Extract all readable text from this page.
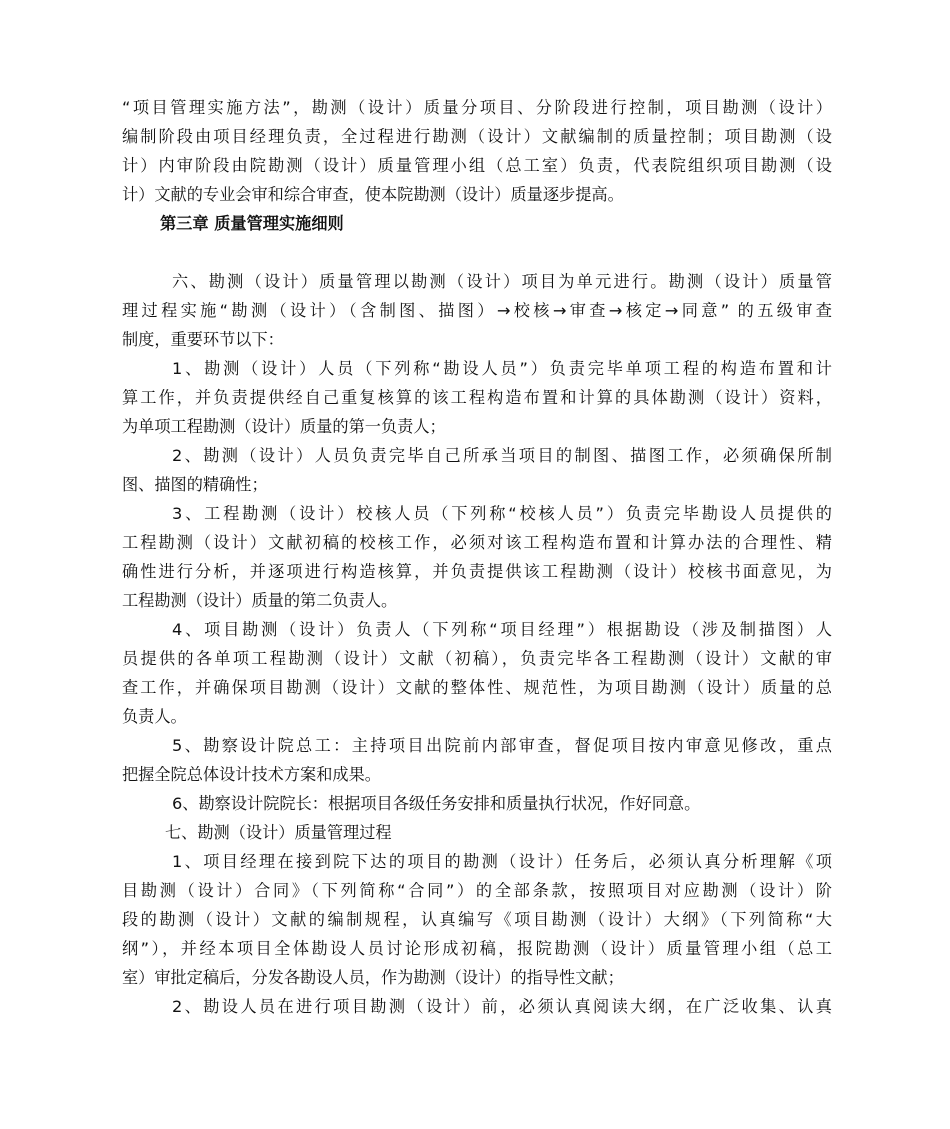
“项目管理实施方法”，勘测（设计）质量分项目、分阶段进行控制，项目勘测（设计）
编制阶段由项目经理负责，全过程进行勘测（设计）文献编制的质量控制；项目勘测（设
计）内审阶段由院勘测（设计）质量管理小组（总工室）负责，代表院组织项目勘测（设
计）文献的专业会审和综合审查，使本院勘测（设计）质量逐步提高。
第三章 质量管理实施细则
六、勘测（设计）质量管理以勘测（设计）项目为单元进行。勘测（设计）质量管
理过程实施“勘测（设计）（含制图、描图）→校核→审查→核定→同意” 的五级审查
制度，重要环节以下：
1、勘测（设计）人员（下列称“勘设人员”）负责完毕单项工程的构造布置和计
算工作，并负责提供经自己重复核算的该工程构造布置和计算的具体勘测（设计）资料，
为单项工程勘测（设计）质量的第一负责人；
2、勘测（设计）人员负责完毕自己所承当项目的制图、描图工作，必须确保所制
图、描图的精确性；
3、工程勘测（设计）校核人员（下列称“校核人员”）负责完毕勘设人员提供的
工程勘测（设计）文献初稿的校核工作，必须对该工程构造布置和计算办法的合理性、精
确性进行分析，并逐项进行构造核算，并负责提供该工程勘测（设计）校核书面意见，为
工程勘测（设计）质量的第二负责人。
4、项目勘测（设计）负责人（下列称“项目经理”）根据勘设（涉及制描图）人
员提供的各单项工程勘测（设计）文献（初稿），负责完毕各工程勘测（设计）文献的审
查工作，并确保项目勘测（设计）文献的整体性、规范性，为项目勘测（设计）质量的总
负责人。
5、勘察设计院总工：主持项目出院前内部审查，督促项目按内审意见修改，重点
把握全院总体设计技术方案和成果。
6、勘察设计院院长：根据项目各级任务安排和质量执行状况，作好同意。
七、勘测（设计）质量管理过程
1、项目经理在接到院下达的项目的勘测（设计）任务后，必须认真分析理解《项
目勘测（设计）合同》（下列简称“合同”）的全部条款，按照项目对应勘测（设计）阶
段的勘测（设计）文献的编制规程，认真编写《项目勘测（设计）大纲》（下列简称“大
纲”），并经本项目全体勘设人员讨论形成初稿，报院勘测（设计）质量管理小组（总工
室）审批定稿后，分发各勘设人员，作为勘测（设计）的指导性文献；
2、勘设人员在进行项目勘测（设计）前，必须认真阅读大纲，在广泛收集、认真
